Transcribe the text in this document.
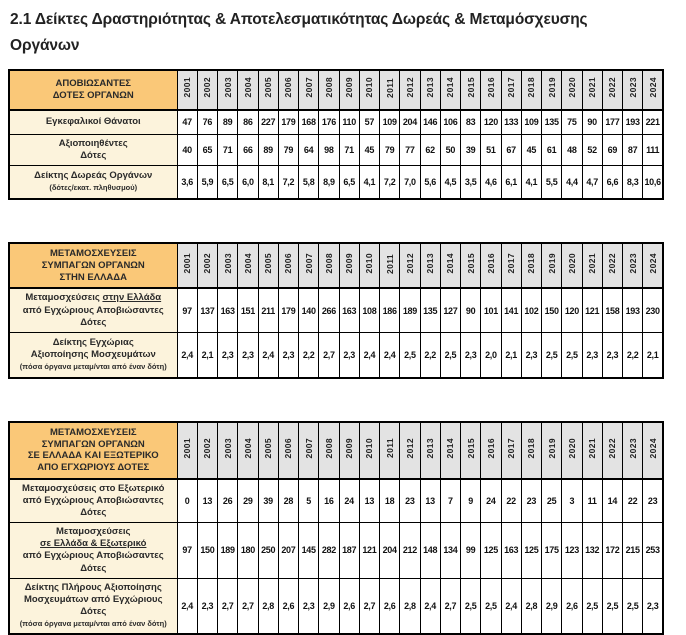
2.1 Δείκτες Δραστηριότητας & Αποτελεσματικότητας Δωρεάς & Μεταμόσχευσης
Οργάνων
ΑΠΟΒΙΩΣΑΝΤΕΣ
ΔΟΤΕΣ ΟΡΓΑΝΩΝ	2001	2002	2003	2004	2005	2006	2007	2008	2009	2010	2011	2012	2013	2014	2015	2016	2017	2018	2019	2020	2021	2022	2023	2024

Εγκεφαλικοί Θάνατοι	47	76	89	86	227	179	168	176	110	57	109	204	146	106	83	120	133	109	135	75	90	177	193	221

Αξιοποιηθέντες
Δότες	40	65	71	66	89	79	64	98	71	45	79	77	62	50	39	51	67	45	61	48	52	69	87	111

Δείκτης Δωρεάς Οργάνων
(δότες/εκατ. πληθυσμού)	3,6	5,9	6,5	6,0	8,1	7,2	5,8	8,9	6,5	4,1	7,2	7,0	5,6	4,5	3,5	4,6	6,1	4,1	5,5	4,4	4,7	6,6	8,3	10,6
ΜΕΤΑΜΟΣΧΕΥΣΕΙΣ
ΣΥΜΠΑΓΩΝ ΟΡΓΑΝΩΝ
ΣΤΗΝ ΕΛΛΑΔΑ	2001	2002	2003	2004	2005	2006	2007	2008	2009	2010	2011	2012	2013	2014	2015	2016	2017	2018	2019	2020	2021	2022	2023	2024

Μεταμοσχεύσεις στην Ελλάδα
από Εγχώριους Αποβιώσαντες
Δότες	97	137	163	151	211	179	140	266	163	108	186	189	135	127	90	101	141	102	150	120	121	158	193	230

Δείκτης Εγχώριας
Αξιοποίησης Μοσχευμάτων
(πόσα όργανα μεταμ/νται από έναν δότη)	2,4	2,1	2,3	2,3	2,4	2,3	2,2	2,7	2,3	2,4	2,4	2,5	2,2	2,5	2,3	2,0	2,1	2,3	2,5	2,5	2,3	2,3	2,2	2,1
ΜΕΤΑΜΟΣΧΕΥΣΕΙΣ
ΣΥΜΠΑΓΩΝ ΟΡΓΑΝΩΝ
ΣΕ ΕΛΛΑΔΑ ΚΑΙ ΕΞΩΤΕΡΙΚΟ
ΑΠΟ ΕΓΧΩΡΙΟΥΣ ΔΟΤΕΣ	2001	2002	2003	2004	2005	2006	2007	2008	2009	2010	2011	2012	2013	2014	2015	2016	2017	2018	2019	2020	2021	2022	2023	2024

Μεταμοσχεύσεις στο Εξωτερικό
από Εγχώριους Αποβιώσαντες Δότες	0	13	26	29	39	28	5	16	24	13	18	23	13	7	9	24	22	23	25	3	11	14	22	23

Μεταμοσχεύσεις
σε Ελλάδα & Εξωτερικό
από Εγχώριους Αποβιώσαντες Δότες	97	150	189	180	250	207	145	282	187	121	204	212	148	134	99	125	163	125	175	123	132	172	215	253

Δείκτης Πλήρους Αξιοποίησης
Μοσχευμάτων από Εγχώριους Δότες
(πόσα όργανα μεταμ/νται από έναν δότη)	2,4	2,3	2,7	2,7	2,8	2,6	2,3	2,9	2,6	2,7	2,6	2,8	2,4	2,7	2,5	2,5	2,4	2,8	2,9	2,6	2,5	2,5	2,5	2,3
